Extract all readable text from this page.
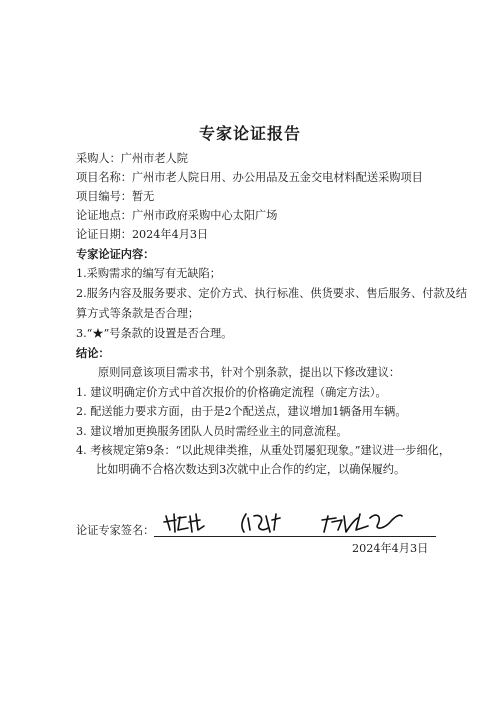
专家论证报告
采购人：广州市老人院
项目名称：广州市老人院日用、办公用品及五金交电材料配送采购项目
项目编号：暂无
论证地点：广州市政府采购中心太阳广场
论证日期：2024年4月3日
专家论证内容：
1.采购需求的编写有无缺陷；
2.服务内容及服务要求、定价方式、执行标准、供货要求、售后服务、付款及结
算方式等条款是否合理；
3.“★”号条款的设置是否合理。
结论：
原则同意该项目需求书，针对个别条款，提出以下修改建议：
1. 建议明确定价方式中首次报价的价格确定流程（确定方法）。
2. 配送能力要求方面，由于是2个配送点，建议增加1辆备用车辆。
3. 建议增加更换服务团队人员时需经业主的同意流程。
4. 考核规定第9条：“以此规律类推，从重处罚屡犯现象。”建议进一步细化，
比如明确不合格次数达到3次就中止合作的约定，以确保履约。
论证专家签名：
2024年4月3日
